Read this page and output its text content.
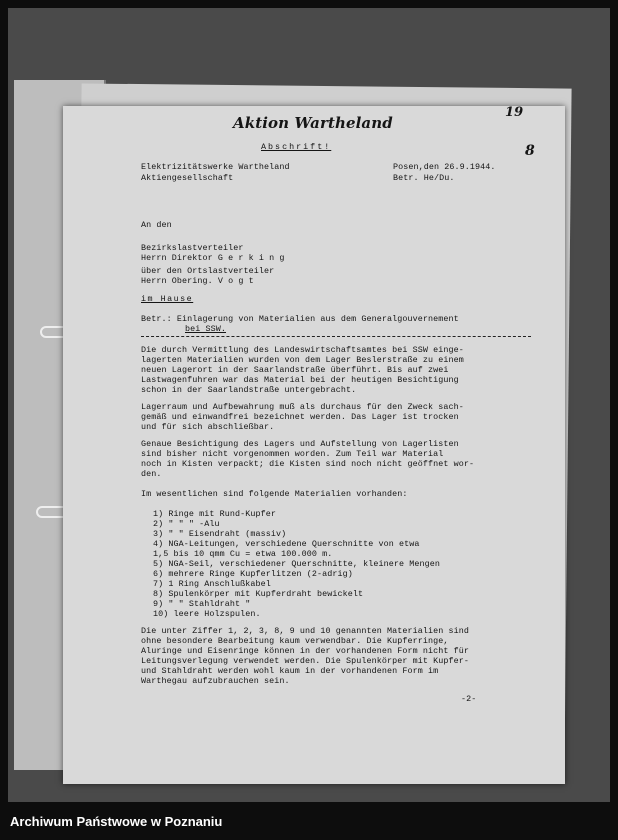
Aktion Wartheland
19
8
Abschrift!
Elektrizitätswerke Wartheland
Aktiengesellschaft
Posen,den 26.9.1944.
Betr. He/Du.
An den
Bezirkslastverteiler
Herrn Direktor G e r k i n g
über den Ortslastverteiler
Herrn Obering. V o g t
im Hause
Betr.: Einlagerung von Materialien aus dem Generalgouvernement
bei SSW.
Die durch Vermittlung des Landeswirtschaftsamtes bei SSW einge-
lagerten Materialien wurden von dem Lager Beslerstraße zu einem
neuen Lagerort in der Saarlandstraße überführt. Bis auf zwei
Lastwagenfuhren war das Material bei der heutigen Besichtigung
schon in der Saarlandstraße untergebracht.
Lagerraum und Aufbewahrung muß als durchaus für den Zweck sach-
gemäß und einwandfrei bezeichnet werden. Das Lager ist trocken
und für sich abschließbar.
Genaue Besichtigung des Lagers und Aufstellung von Lagerlisten
sind bisher nicht vorgenommen worden. Zum Teil war Material
noch in Kisten verpackt; die Kisten sind noch nicht geöffnet wor-
den.
Im wesentlichen sind folgende Materialien vorhanden:
1) Ringe mit Rund-Kupfer
2) " " " -Alu
3) " " Eisendraht (massiv)
4) NGA-Leitungen, verschiedene Querschnitte von etwa
1,5 bis 10 qmm Cu = etwa 100.000 m.
5) NGA-Seil, verschiedener Querschnitte, kleinere Mengen
6) mehrere Ringe Kupferlitzen (2-adrig)
7) 1 Ring Anschlußkabel
8) Spulenkörper mit Kupferdraht bewickelt
9) " " Stahldraht "
10) leere Holzspulen.
Die unter Ziffer 1, 2, 3, 8, 9 und 10 genannten Materialien sind
ohne besondere Bearbeitung kaum verwendbar. Die Kupferringe,
Aluringe und Eisenringe können in der vorhandenen Form nicht für
Leitungsverlegung verwendet werden. Die Spulenkörper mit Kupfer-
und Stahldraht werden wohl kaum in der vorhandenen Form im
Warthegau aufzubrauchen sein.
-2-
Archiwum Państwowe w Poznaniu
